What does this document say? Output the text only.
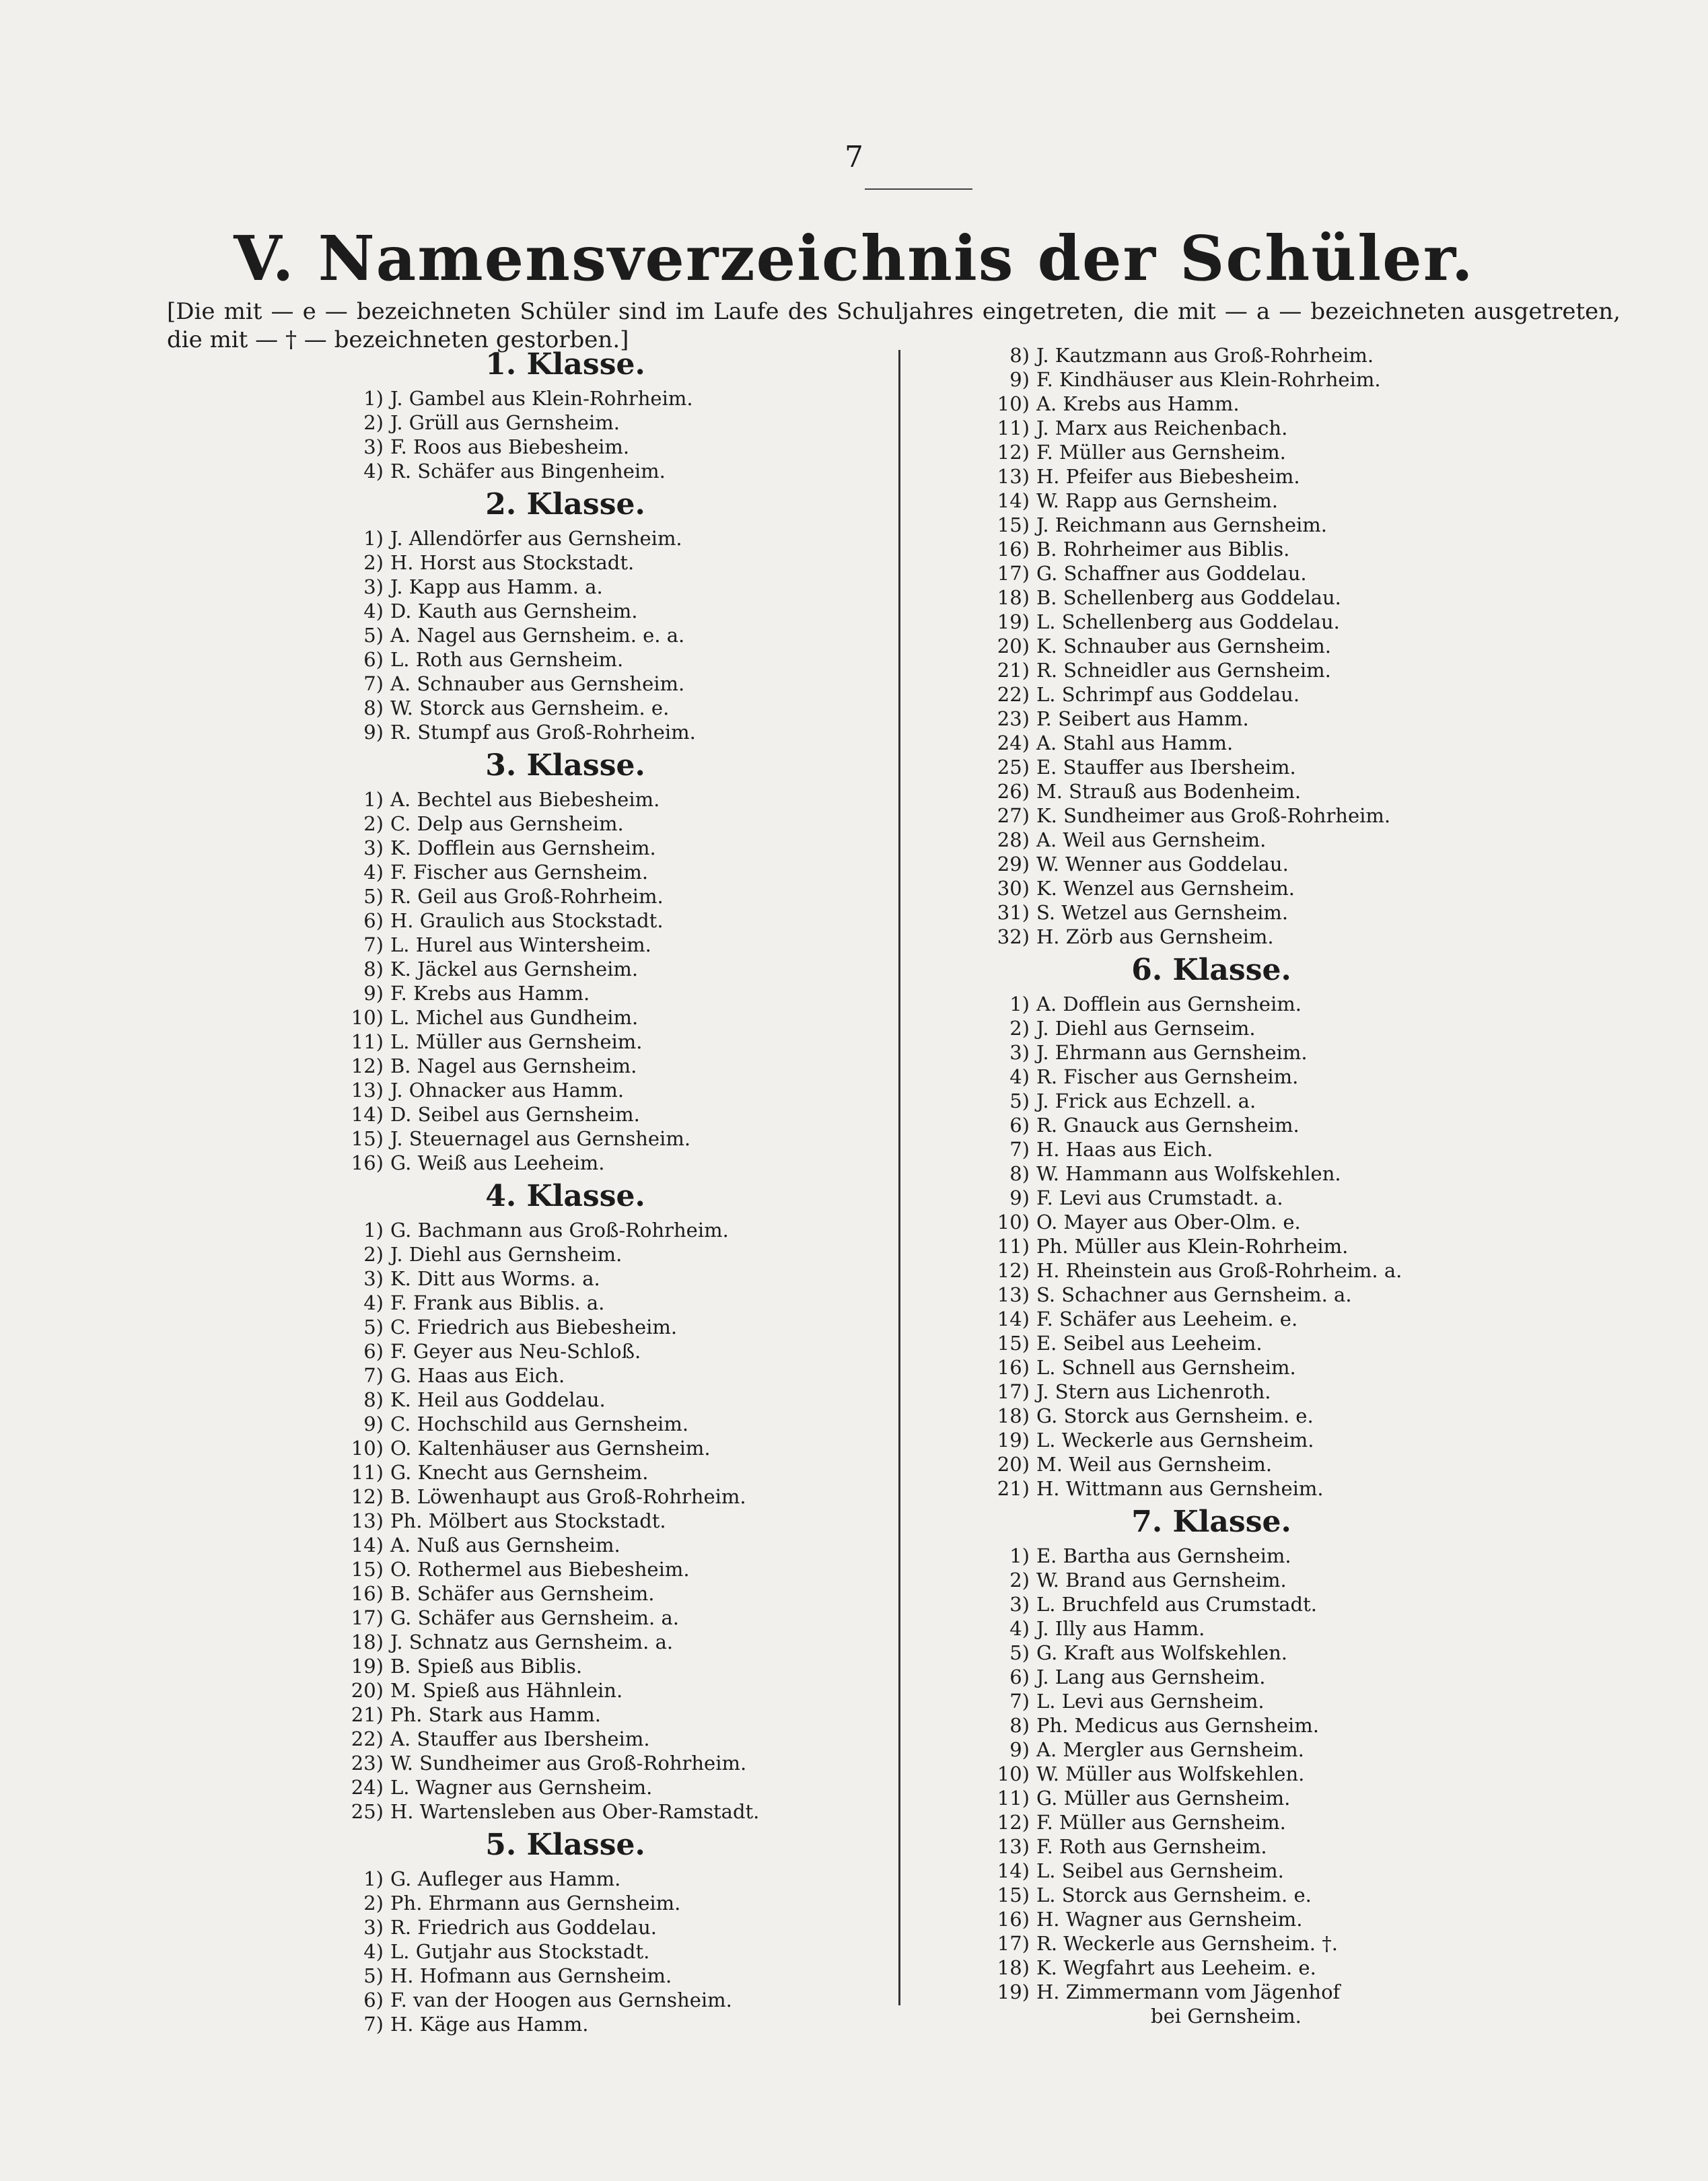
7
V. Namensverzeichnis der Schüler.
[Die mit — e — bezeichneten Schüler sind im Laufe des Schuljahres eingetreten, die mit — a — bezeichneten ausgetreten, die mit — † — bezeichneten gestorben.]
1. Klasse.
1) J. Gambel aus Klein-Rohrheim.
2) J. Grüll aus Gernsheim.
3) F. Roos aus Biebesheim.
4) R. Schäfer aus Bingenheim.
2. Klasse.
1) J. Allendörfer aus Gernsheim.
2) H. Horst aus Stockstadt.
3) J. Kapp aus Hamm. a.
4) D. Kauth aus Gernsheim.
5) A. Nagel aus Gernsheim. e. a.
6) L. Roth aus Gernsheim.
7) A. Schnauber aus Gernsheim.
8) W. Storck aus Gernsheim. e.
9) R. Stumpf aus Groß-Rohrheim.
3. Klasse.
1) A. Bechtel aus Biebesheim.
2) C. Delp aus Gernsheim.
3) K. Dofflein aus Gernsheim.
4) F. Fischer aus Gernsheim.
5) R. Geil aus Groß-Rohrheim.
6) H. Graulich aus Stockstadt.
7) L. Hurel aus Wintersheim.
8) K. Jäckel aus Gernsheim.
9) F. Krebs aus Hamm.
10) L. Michel aus Gundheim.
11) L. Müller aus Gernsheim.
12) B. Nagel aus Gernsheim.
13) J. Ohnacker aus Hamm.
14) D. Seibel aus Gernsheim.
15) J. Steuernagel aus Gernsheim.
16) G. Weiß aus Leeheim.
4. Klasse.
1) G. Bachmann aus Groß-Rohrheim.
2) J. Diehl aus Gernsheim.
3) K. Ditt aus Worms. a.
4) F. Frank aus Biblis. a.
5) C. Friedrich aus Biebesheim.
6) F. Geyer aus Neu-Schloß.
7) G. Haas aus Eich.
8) K. Heil aus Goddelau.
9) C. Hochschild aus Gernsheim.
10) O. Kaltenhäuser aus Gernsheim.
11) G. Knecht aus Gernsheim.
12) B. Löwenhaupt aus Groß-Rohrheim.
13) Ph. Mölbert aus Stockstadt.
14) A. Nuß aus Gernsheim.
15) O. Rothermel aus Biebesheim.
16) B. Schäfer aus Gernsheim.
17) G. Schäfer aus Gernsheim. a.
18) J. Schnatz aus Gernsheim. a.
19) B. Spieß aus Biblis.
20) M. Spieß aus Hähnlein.
21) Ph. Stark aus Hamm.
22) A. Stauffer aus Ibersheim.
23) W. Sundheimer aus Groß-Rohrheim.
24) L. Wagner aus Gernsheim.
25) H. Wartensleben aus Ober-Ramstadt.
5. Klasse.
1) G. Aufleger aus Hamm.
2) Ph. Ehrmann aus Gernsheim.
3) R. Friedrich aus Goddelau.
4) L. Gutjahr aus Stockstadt.
5) H. Hofmann aus Gernsheim.
6) F. van der Hoogen aus Gernsheim.
7) H. Käge aus Hamm.
8) J. Kautzmann aus Groß-Rohrheim.
9) F. Kindhäuser aus Klein-Rohrheim.
10) A. Krebs aus Hamm.
11) J. Marx aus Reichenbach.
12) F. Müller aus Gernsheim.
13) H. Pfeifer aus Biebesheim.
14) W. Rapp aus Gernsheim.
15) J. Reichmann aus Gernsheim.
16) B. Rohrheimer aus Biblis.
17) G. Schaffner aus Goddelau.
18) B. Schellenberg aus Goddelau.
19) L. Schellenberg aus Goddelau.
20) K. Schnauber aus Gernsheim.
21) R. Schneidler aus Gernsheim.
22) L. Schrimpf aus Goddelau.
23) P. Seibert aus Hamm.
24) A. Stahl aus Hamm.
25) E. Stauffer aus Ibersheim.
26) M. Strauß aus Bodenheim.
27) K. Sundheimer aus Groß-Rohrheim.
28) A. Weil aus Gernsheim.
29) W. Wenner aus Goddelau.
30) K. Wenzel aus Gernsheim.
31) S. Wetzel aus Gernsheim.
32) H. Zörb aus Gernsheim.
6. Klasse.
1) A. Dofflein aus Gernsheim.
2) J. Diehl aus Gernseim.
3) J. Ehrmann aus Gernsheim.
4) R. Fischer aus Gernsheim.
5) J. Frick aus Echzell. a.
6) R. Gnauck aus Gernsheim.
7) H. Haas aus Eich.
8) W. Hammann aus Wolfskehlen.
9) F. Levi aus Crumstadt. a.
10) O. Mayer aus Ober-Olm. e.
11) Ph. Müller aus Klein-Rohrheim.
12) H. Rheinstein aus Groß-Rohrheim. a.
13) S. Schachner aus Gernsheim. a.
14) F. Schäfer aus Leeheim. e.
15) E. Seibel aus Leeheim.
16) L. Schnell aus Gernsheim.
17) J. Stern aus Lichenroth.
18) G. Storck aus Gernsheim. e.
19) L. Weckerle aus Gernsheim.
20) M. Weil aus Gernsheim.
21) H. Wittmann aus Gernsheim.
7. Klasse.
1) E. Bartha aus Gernsheim.
2) W. Brand aus Gernsheim.
3) L. Bruchfeld aus Crumstadt.
4) J. Illy aus Hamm.
5) G. Kraft aus Wolfskehlen.
6) J. Lang aus Gernsheim.
7) L. Levi aus Gernsheim.
8) Ph. Medicus aus Gernsheim.
9) A. Mergler aus Gernsheim.
10) W. Müller aus Wolfskehlen.
11) G. Müller aus Gernsheim.
12) F. Müller aus Gernsheim.
13) F. Roth aus Gernsheim.
14) L. Seibel aus Gernsheim.
15) L. Storck aus Gernsheim. e.
16) H. Wagner aus Gernsheim.
17) R. Weckerle aus Gernsheim. †.
18) K. Wegfahrt aus Leeheim. e.
19) H. Zimmermann vom Jägenhof
bei Gernsheim.
